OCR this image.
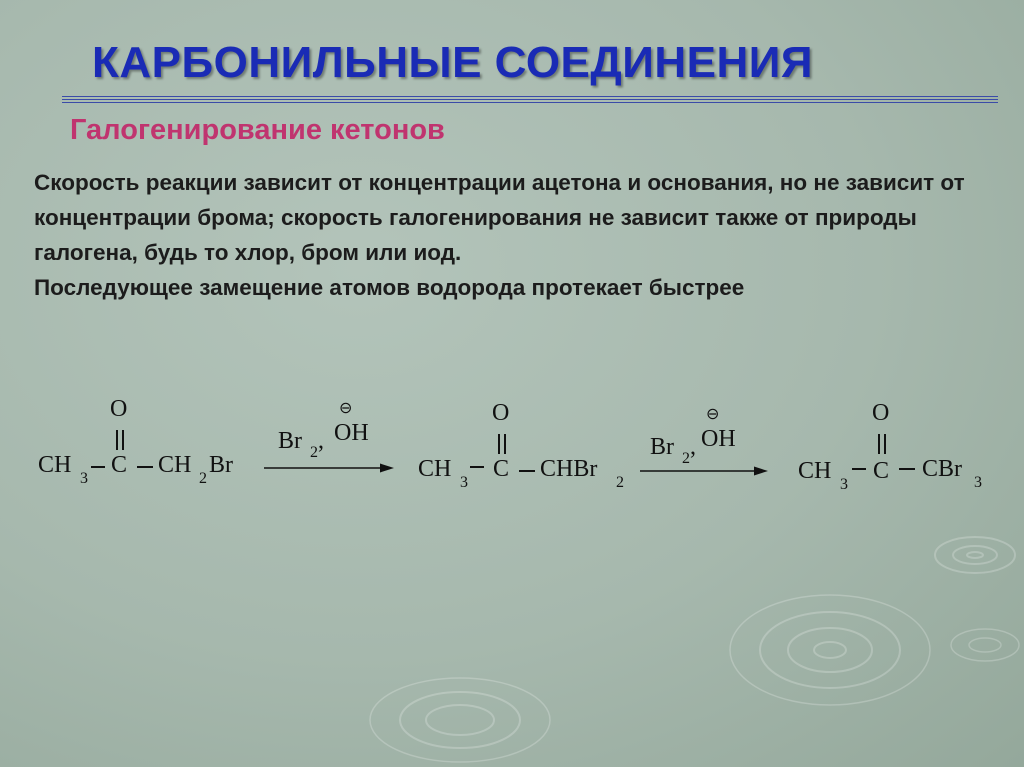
КАРБОНИЛЬНЫЕ СОЕДИНЕНИЯ
Галогенирование кетонов

Скорость реакции зависит от концентрации ацетона и основания, но не зависит от концентрации брома; скорость галогенирования не зависит также от природы галогена, будь то хлор, бром или иод.

Последующее замещение атомов водорода протекает быстрее

O
CH
3
C CH
2
Br
Br 2 , OH
⊖	O
CH
3
C CHBr
2
Br 2 , OH
⊖	O
CH
3
C CBr
3
